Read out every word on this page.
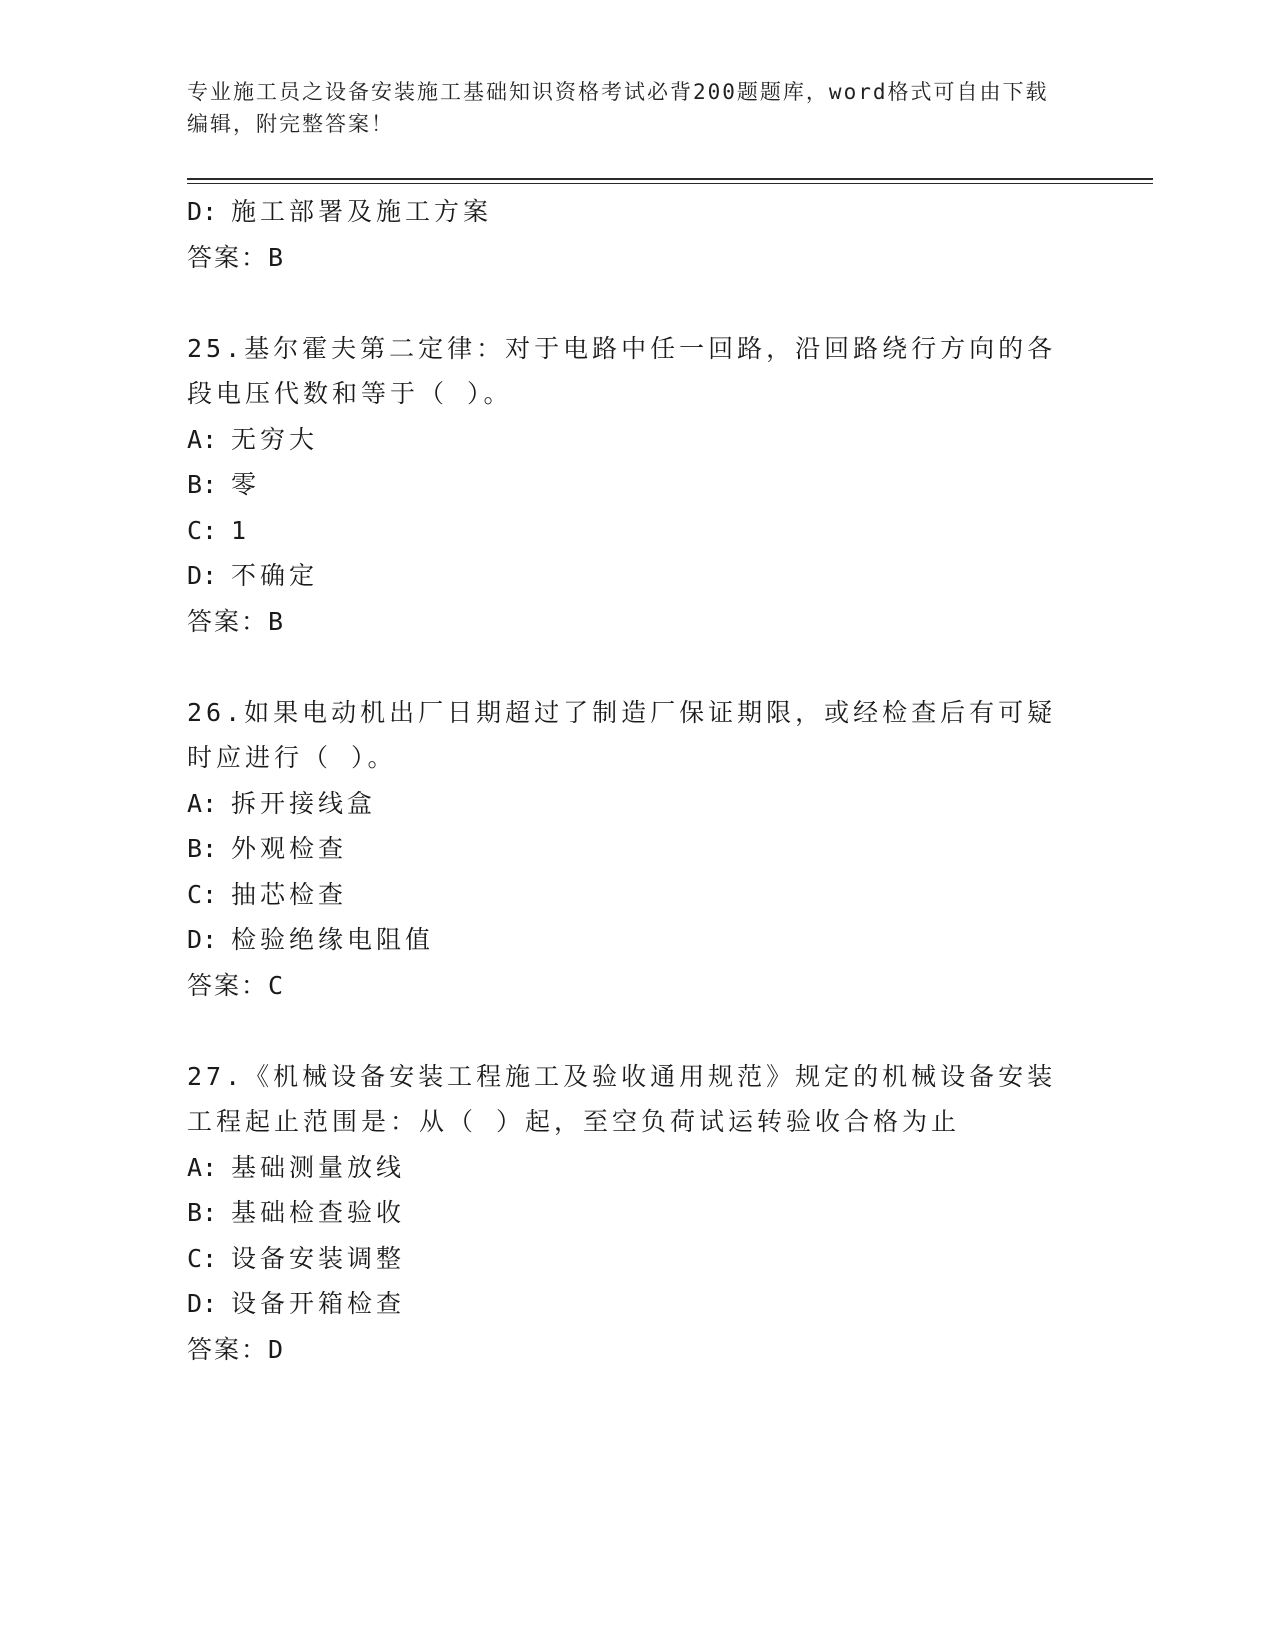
专业施工员之设备安装施工基础知识资格考试必背200题题库，word格式可自由下载编辑，附完整答案！
D: 施工部署及施工方案
答案：B
25.基尔霍夫第二定律：对于电路中任一回路，沿回路绕行方向的各段电压代数和等于（ ）。
A: 无穷大
B: 零
C: 1
D: 不确定
答案：B
26.如果电动机出厂日期超过了制造厂保证期限，或经检查后有可疑时应进行（ ）。
A: 拆开接线盒
B: 外观检查
C: 抽芯检查
D: 检验绝缘电阻值
答案：C
27.《机械设备安装工程施工及验收通用规范》规定的机械设备安装工程起止范围是：从（ ）起，至空负荷试运转验收合格为止
A: 基础测量放线
B: 基础检查验收
C: 设备安装调整
D: 设备开箱检查
答案：D
